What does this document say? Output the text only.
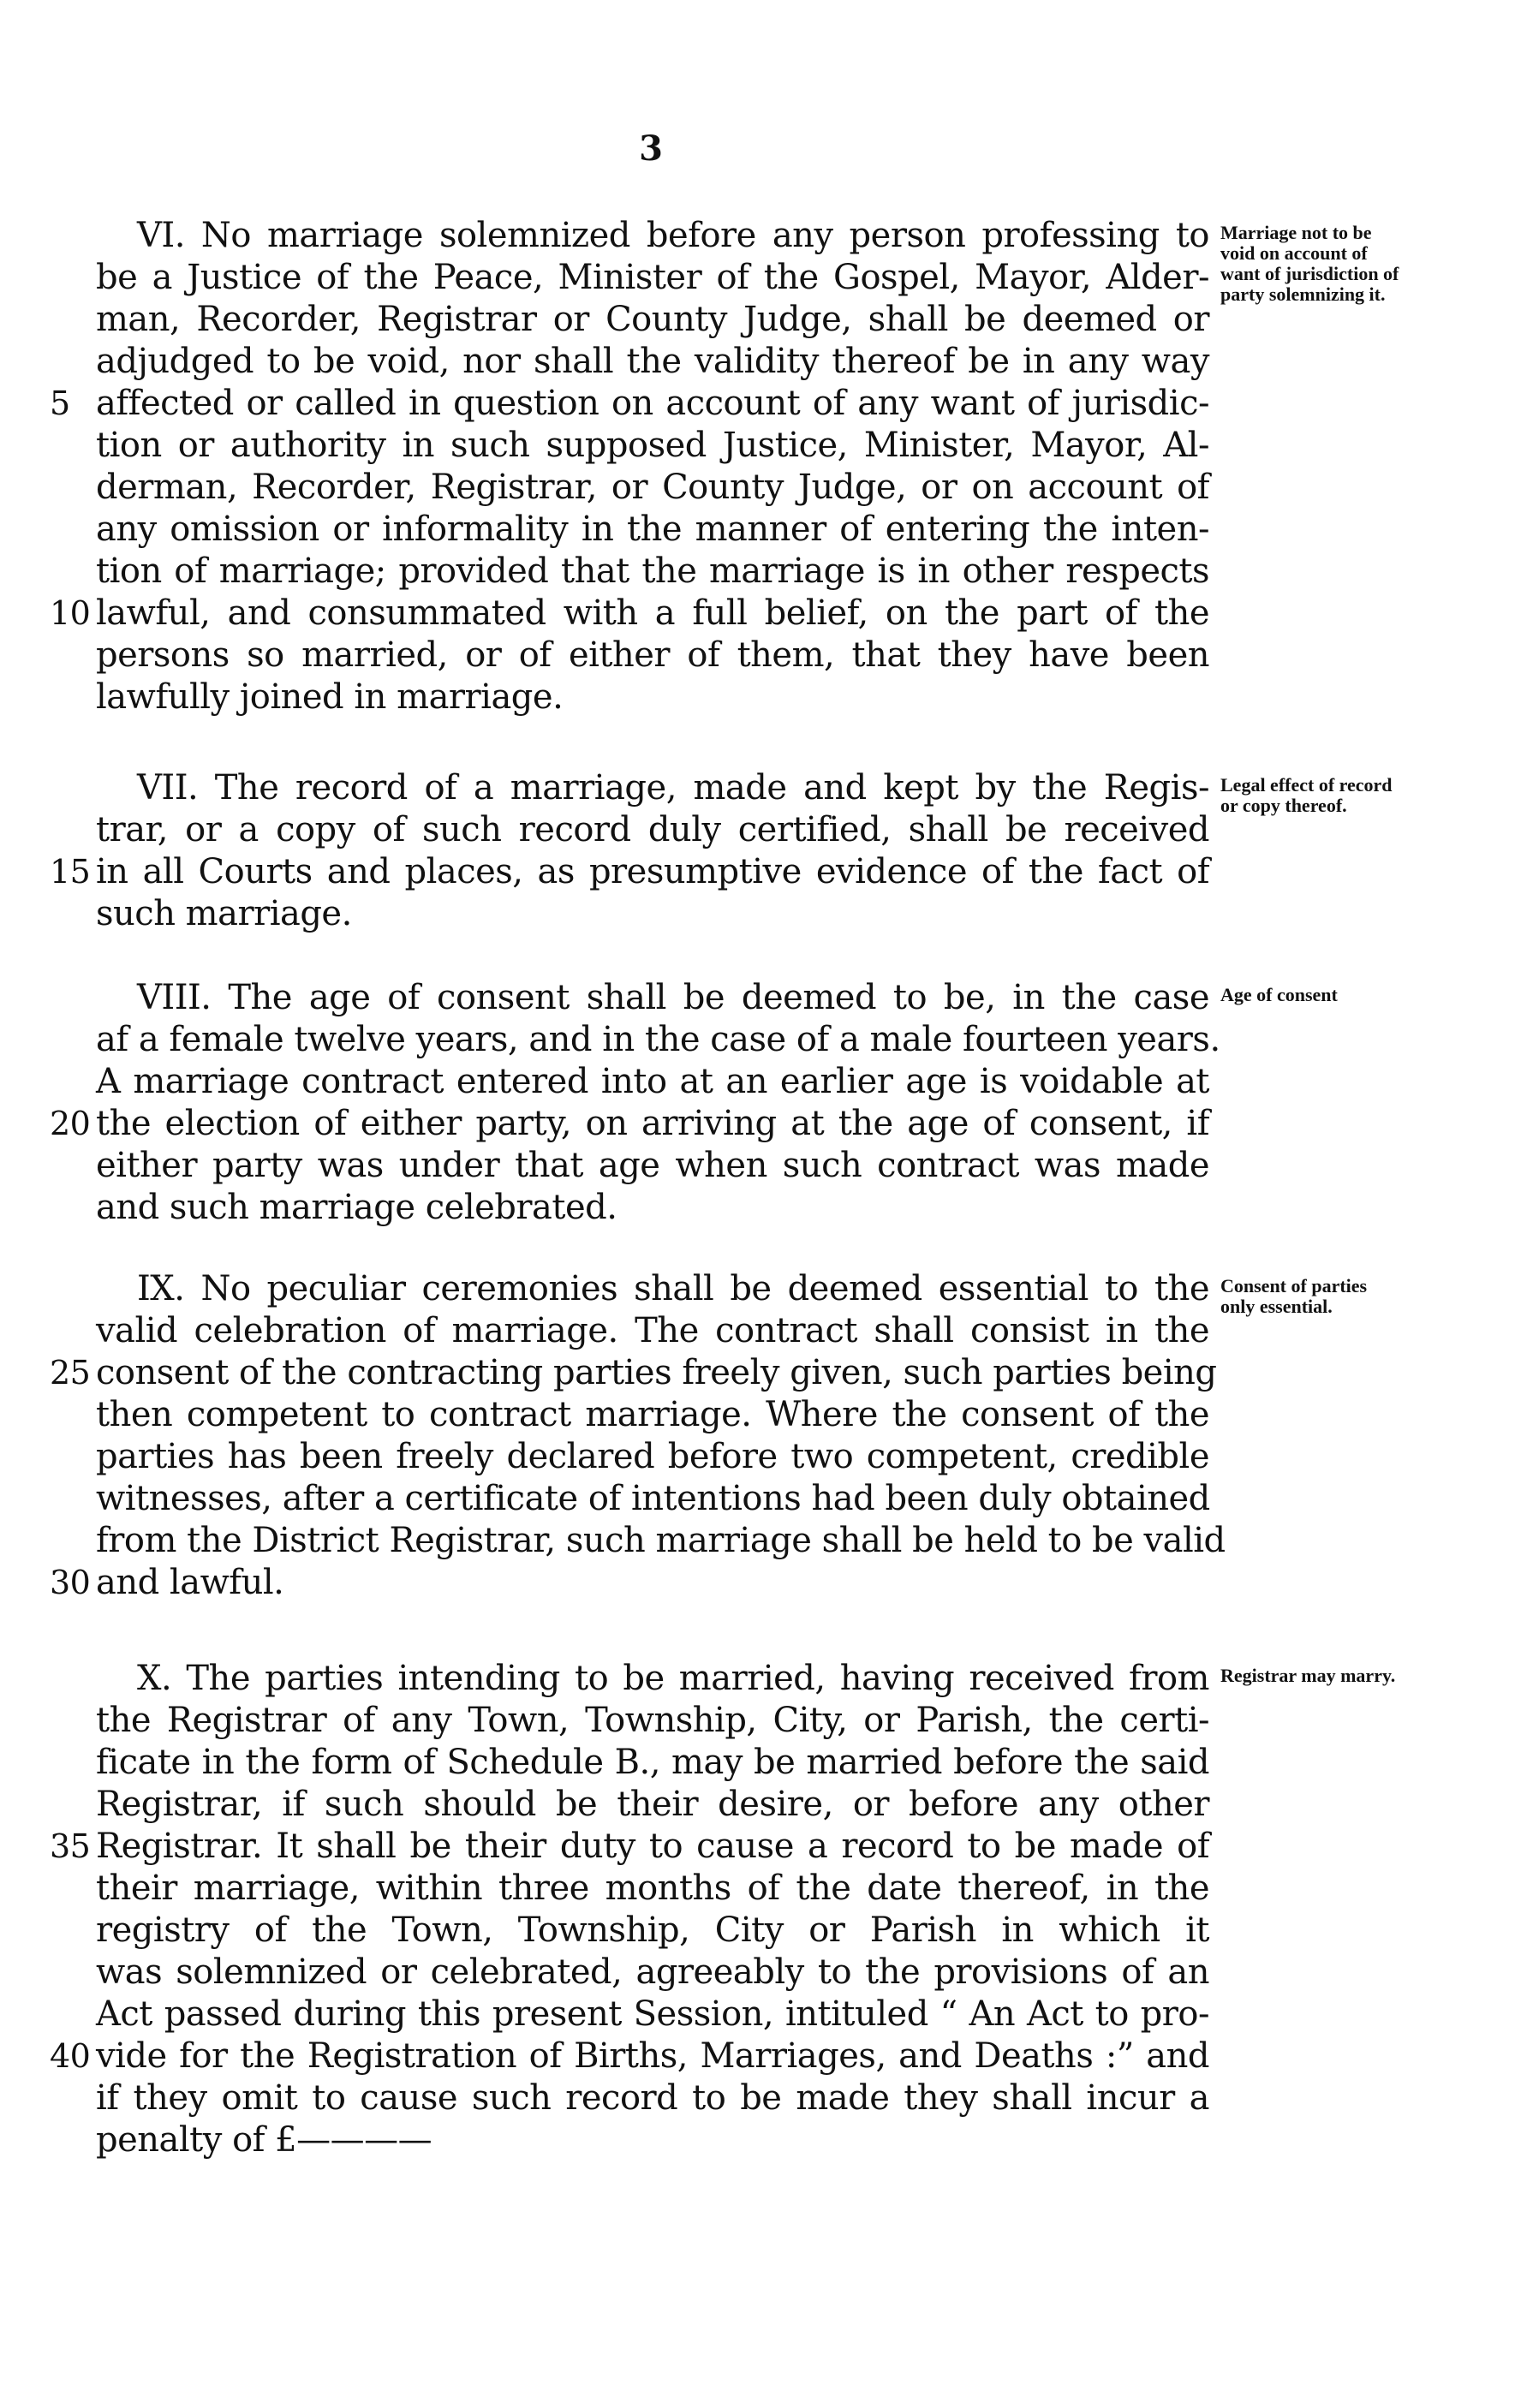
3
VI. No marriage solemnized before any person professing to
be a Justice of the Peace, Minister of the Gospel, Mayor, Alder-
man, Recorder, Registrar or County Judge, shall be deemed or
adjudged to be void, nor shall the validity thereof be in any way
5 affected or called in question on account of any want of jurisdic-
tion or authority in such supposed Justice, Minister, Mayor, Al-
derman, Recorder, Registrar, or County Judge, or on account of
any omission or informality in the manner of entering the inten-
tion of marriage; provided that the marriage is in other respects
10 lawful, and consummated with a full belief, on the part of the
persons so married, or of either of them, that they have been
lawfully joined in marriage.
Marriage not to be void on account of want of jurisdiction of party solemnizing it.
VII. The record of a marriage, made and kept by the Regis-
trar, or a copy of such record duly certified, shall be received
15 in all Courts and places, as presumptive evidence of the fact of
such marriage.
Legal effect of record or copy thereof.
VIII. The age of consent shall be deemed to be, in the case
af a female twelve years, and in the case of a male fourteen years.
A marriage contract entered into at an earlier age is voidable at
20 the election of either party, on arriving at the age of consent, if
either party was under that age when such contract was made
and such marriage celebrated.
Age of consent
IX. No peculiar ceremonies shall be deemed essential to the
valid celebration of marriage. The contract shall consist in the
25 consent of the contracting parties freely given, such parties being
then competent to contract marriage. Where the consent of the
parties has been freely declared before two competent, credible
witnesses, after a certificate of intentions had been duly obtained
from the District Registrar, such marriage shall be held to be valid
30 and lawful.
Consent of parties only essential.
X. The parties intending to be married, having received from
the Registrar of any Town, Township, City, or Parish, the certi-
ficate in the form of Schedule B., may be married before the said
Registrar, if such should be their desire, or before any other
35 Registrar. It shall be their duty to cause a record to be made of
their marriage, within three months of the date thereof, in the
registry of the Town, Township, City or Parish in which it
was solemnized or celebrated, agreeably to the provisions of an
Act passed during this present Session, intituled “ An Act to pro-
40 vide for the Registration of Births, Marriages, and Deaths :” and
if they omit to cause such record to be made they shall incur a
penalty of £————
Registrar may marry.
